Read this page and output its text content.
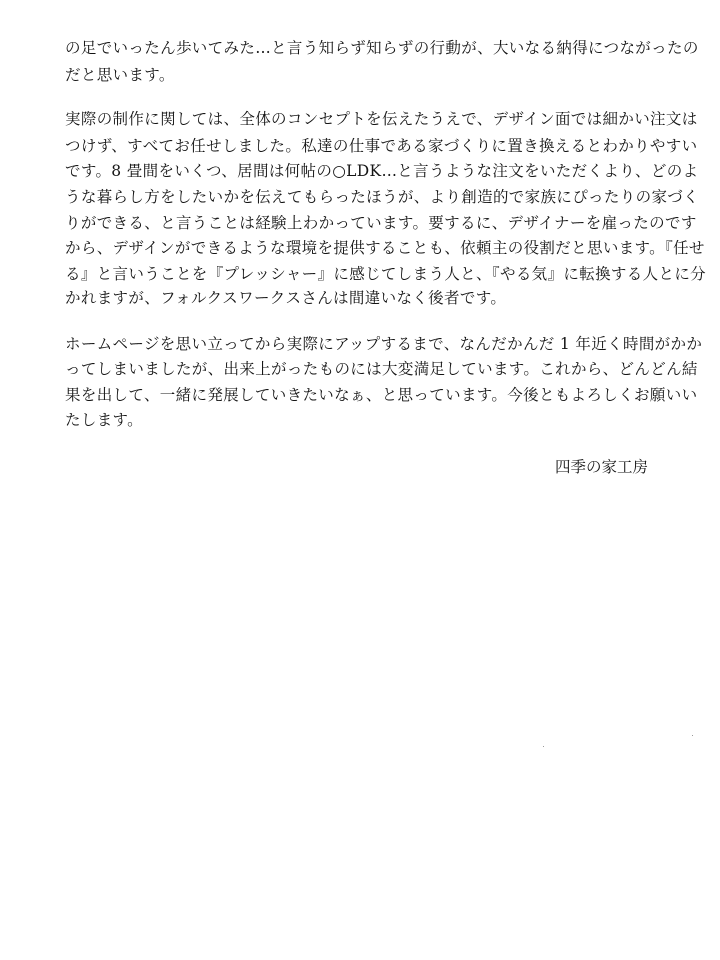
の足でいったん歩いてみた…と言う知らず知らずの行動が、大いなる納得につながったの
だと思います。
実際の制作に関しては、全体のコンセプトを伝えたうえで、デザイン面では細かい注文は
つけず、すべてお任せしました。私達の仕事である家づくりに置き換えるとわかりやすい
です。8 畳間をいくつ、居間は何帖の○LDK…と言うような注文をいただくより、どのよ
うな暮らし方をしたいかを伝えてもらったほうが、より創造的で家族にぴったりの家づく
りができる、と言うことは経験上わかっています。要するに、デザイナーを雇ったのです
から、デザインができるような環境を提供することも、依頼主の役割だと思います。『任せ
る』と言いうことを『プレッシャー』に感じてしまう人と、『やる気』に転換する人とに分
かれますが、フォルクスワークスさんは間違いなく後者です。
ホームページを思い立ってから実際にアップするまで、なんだかんだ 1 年近く時間がかか
ってしまいましたが、出来上がったものには大変満足しています。これから、どんどん結
果を出して、一緒に発展していきたいなぁ、と思っています。今後ともよろしくお願いい
たします。
四季の家工房
